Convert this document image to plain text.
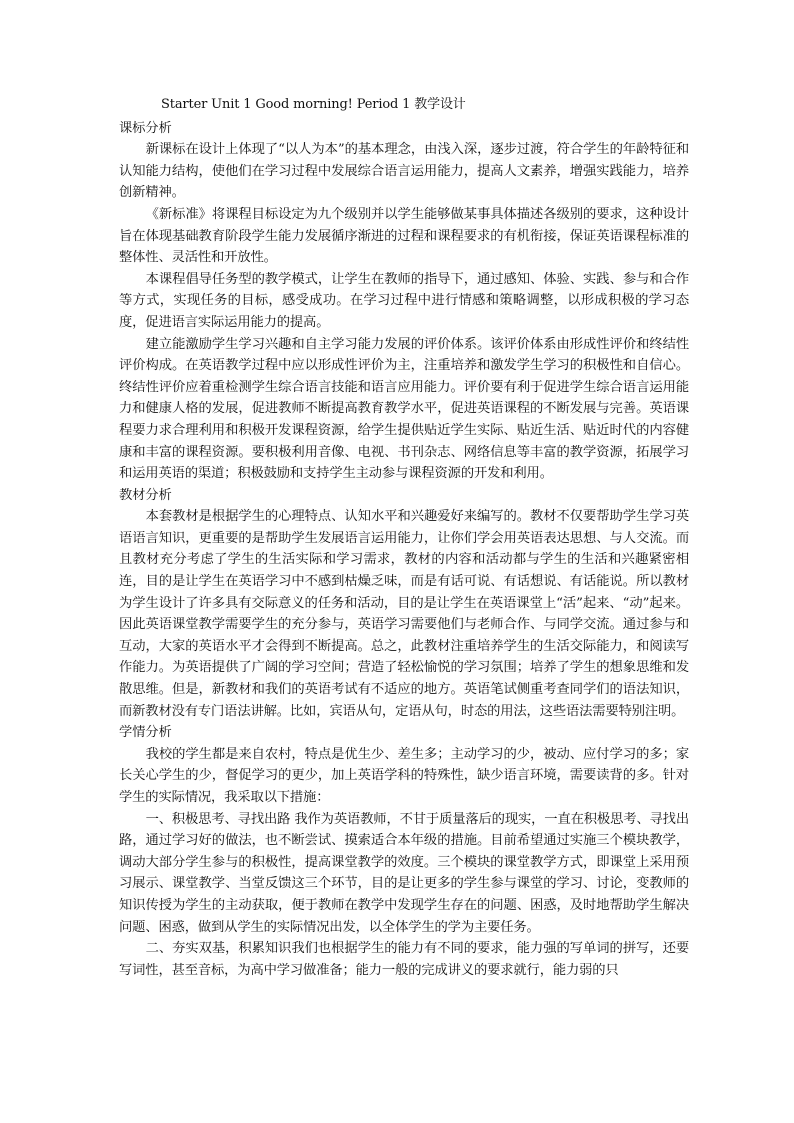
Starter Unit 1 Good morning! Period 1 教学设计

课标分析

新课标在设计上体现了“以人为本”的基本理念，由浅入深，逐步过渡，符合学生的年龄特征和认知能力结构，使他们在学习过程中发展综合语言运用能力，提高人文素养，增强实践能力，培养创新精神。

《新标准》将课程目标设定为九个级别并以学生能够做某事具体描述各级别的要求，这种设计旨在体现基础教育阶段学生能力发展循序渐进的过程和课程要求的有机衔接，保证英语课程标准的整体性、灵活性和开放性。

本课程倡导任务型的教学模式，让学生在教师的指导下，通过感知、体验、实践、参与和合作等方式，实现任务的目标，感受成功。在学习过程中进行情感和策略调整，以形成积极的学习态度，促进语言实际运用能力的提高。

建立能激励学生学习兴趣和自主学习能力发展的评价体系。该评价体系由形成性评价和终结性评价构成。在英语教学过程中应以形成性评价为主，注重培养和激发学生学习的积极性和自信心。终结性评价应着重检测学生综合语言技能和语言应用能力。评价要有利于促进学生综合语言运用能力和健康人格的发展，促进教师不断提高教育教学水平，促进英语课程的不断发展与完善。英语课程要力求合理利用和积极开发课程资源，给学生提供贴近学生实际、贴近生活、贴近时代的内容健康和丰富的课程资源。要积极利用音像、电视、书刊杂志、网络信息等丰富的教学资源，拓展学习和运用英语的渠道；积极鼓励和支持学生主动参与课程资源的开发和利用。

教材分析

本套教材是根据学生的心理特点、认知水平和兴趣爱好来编写的。教材不仅要帮助学生学习英语语言知识，更重要的是帮助学生发展语言运用能力，让你们学会用英语表达思想、与人交流。而且教材充分考虑了学生的生活实际和学习需求，教材的内容和活动都与学生的生活和兴趣紧密相连，目的是让学生在英语学习中不感到枯燥乏味，而是有话可说、有话想说、有话能说。所以教材为学生设计了许多具有交际意义的任务和活动，目的是让学生在英语课堂上“活”起来、“动”起来。因此英语课堂教学需要学生的充分参与，英语学习需要他们与老师合作、与同学交流。通过参与和互动，大家的英语水平才会得到不断提高。总之，此教材注重培养学生的生活交际能力，和阅读写作能力。为英语提供了广阔的学习空间；营造了轻松愉悦的学习氛围；培养了学生的想象思维和发散思维。但是，新教材和我们的英语考试有不适应的地方。英语笔试侧重考查同学们的语法知识，而新教材没有专门语法讲解。比如，宾语从句，定语从句，时态的用法，这些语法需要特别注明。

学情分析

我校的学生都是来自农村，特点是优生少、差生多；主动学习的少，被动、应付学习的多；家长关心学生的少，督促学习的更少，加上英语学科的特殊性，缺少语言环境，需要读背的多。针对学生的实际情况，我采取以下措施：

一、积极思考、寻找出路 我作为英语教师，不甘于质量落后的现实，一直在积极思考、寻找出路，通过学习好的做法，也不断尝试、摸索适合本年级的措施。目前希望通过实施三个模块教学，调动大部分学生参与的积极性，提高课堂教学的效度。三个模块的课堂教学方式，即课堂上采用预习展示、课堂教学、当堂反馈这三个环节，目的是让更多的学生参与课堂的学习、讨论，变教师的知识传授为学生的主动获取，便于教师在教学中发现学生存在的问题、困惑，及时地帮助学生解决问题、困惑，做到从学生的实际情况出发，以全体学生的学为主要任务。

二、夯实双基，积累知识我们也根据学生的能力有不同的要求，能力强的写单词的拼写，还要写词性，甚至音标，为高中学习做准备；能力一般的完成讲义的要求就行，能力弱的只
